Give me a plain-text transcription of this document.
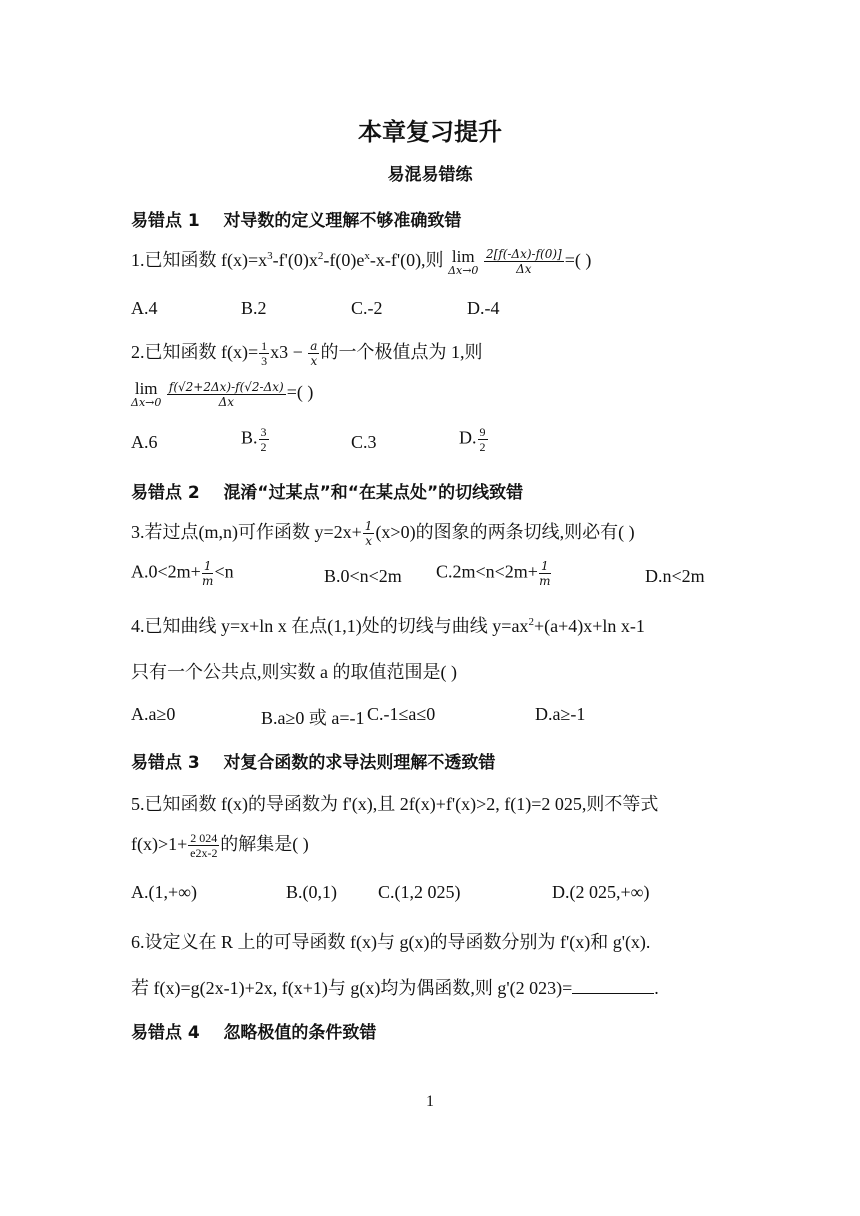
本章复习提升
易混易错练
易错点 1 对导数的定义理解不够准确致错
1.已知函数 $f(x)=x^3-f'(0)x^2-f(0)e^x-x-f'(0)$,则 lim
Δx→0
$\frac{2[f(-\Delta x)-f(0)]}{\Delta x}$ =( )
A.4	B.2	C.-2	D.-4
2.已知函数 $f(x)= \frac{1}{3} x3 - \frac{a}{x}$ 的一个极值点为 1,则
lim
Δx→0
$\frac{f(√2+2\Delta x)-f(√2-\Delta x)}{\Delta x}$ =( )
A.6	B. $\frac{3}{2}$	C.3	D. $\frac{9}{2}$
易错点 2 混淆“过某点”和“在某点处”的切线致错
3.若过点(m,n)可作函数 $y=2x+ \frac{1}{x} (x>0)$的图象的两条切线,则必有( )
$A.0<2m+ \frac{1}{m} <n$	B.0<n<2m $C.2m<n<2m+ \frac{1}{m}$	D.n<2m
4.已知曲线 y=x+ln x 在点(1,1)处的切线与曲线 $y=ax^2+(a+4)x+\ln$ x-1
只有一个公共点,则实数 a 的取值范围是( )
A.a≥0	B.a≥0 或 a=-1 C.-1≤a≤0	D.a≥-1
易错点 3 对复合函数的求导法则理解不透致错
5.已知函数 f(x)的导函数为 f'(x),且 2f(x)+f'(x)>2, f(1)=2 025,则不等式
$f(x)>1+ \frac{2 024}{e2x-2}$ 的解集是( )
A.(1,+∞)	B.(0,1) C.(1,2 025)	D.(2 025,+∞)
6.设定义在 R 上的可导函数 f(x)与 g(x)的导函数分别为 f'(x)和 g'(x).
若 f(x)=g(2x-1)+2x, f(x+1)与 g(x)均为偶函数,则 g'(2 023)=	.
易错点 4 忽略极值的条件致错
1
